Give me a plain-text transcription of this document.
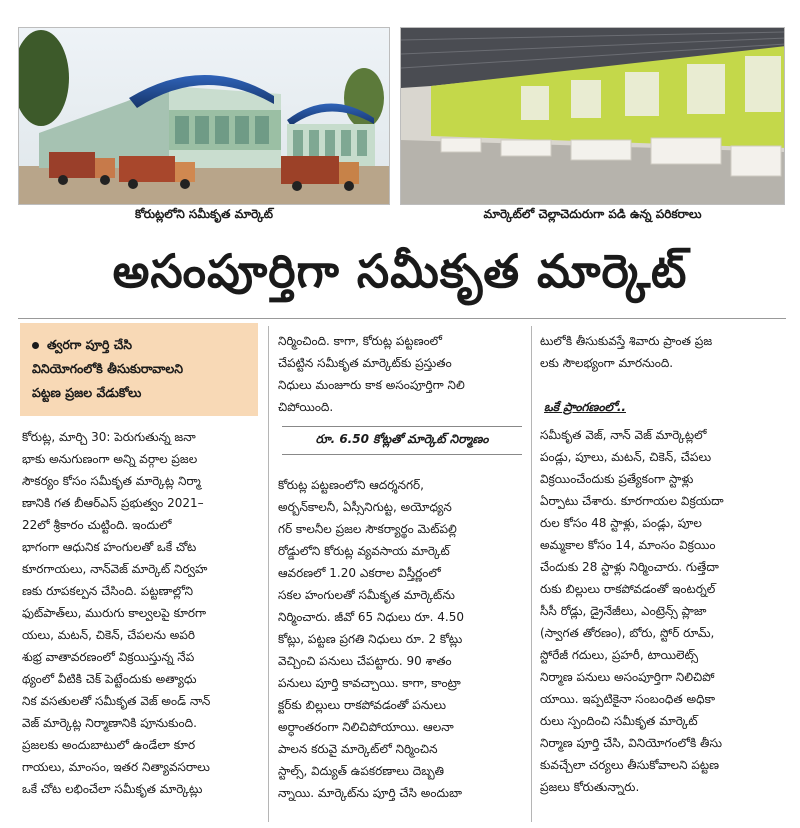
కోరుట్లలోని సమీకృత మార్కెట్	మార్కెట్‌లో చెల్లాచెదురుగా పడి ఉన్న పరికరాలు
అసంపూర్తిగా సమీకృత మార్కెట్
త్వరగా పూర్తి చేసి
వినియోగంలోకి తీసుకురావాలని
పట్టణ ప్రజల వేడుకోలు

కోరుట్ల, మార్చి 30: పెరుగుతున్న జనా

భాకు అనుగుణంగా అన్ని వర్గాల ప్రజల

సౌకర్యం కోసం సమీకృత మార్కెట్ల నిర్మా

ణానికి గత బీఆర్‌ఎస్ ప్రభుత్వం 2021–

22లో శ్రీకారం చుట్టింది. ఇందులో

భాగంగా ఆధునిక హంగులతో ఒకే చోట

కూరగాయలు, నాన్‌వెజ్ మార్కెట్ నిర్వహ

ణకు రూపకల్పన చేసింది. పట్టణాల్లోని

ఫుట్‌పాత్‌లు, మురుగు కాల్వలపై కూరగా

యలు, మటన్, చికెన్, చేపలను అపరి

శుభ్ర వాతావరణంలో విక్రయిస్తున్న నేప

థ్యంలో వీటికి చెక్ పెట్టేందుకు అత్యాధు

నిక వసతులతో సమీకృత వెజ్ అండ్ నాన్

వెజ్ మార్కెట్ల నిర్మాణానికి పూనుకుంది.

ప్రజలకు అందుబాటులో ఉండేలా కూర

గాయలు, మాంసం, ఇతర నిత్యావసరాలు

ఒకే చోట లభించేలా సమీకృత మార్కెట్లు

నిర్మించింది. కాగా, కోరుట్ల పట్టణంలో

చేపట్టిన సమీకృత మార్కెట్‌కు ప్రస్తుతం

నిధులు మంజూరు కాక అసంపూర్తిగా నిలి

చిపోయింది.

రూ. 6.50 కోట్లతో మార్కెట్ నిర్మాణం

కోరుట్ల పట్టణంలోని ఆదర్శనగర్,

అర్బన్‌కాలనీ, ఏస్సీనిగుట్ట, అయోధ్యన

గర్ కాలనీల ప్రజల సౌకర్యార్థం మెట్‌పల్లి

రోడ్డులోని కోరుట్ల వ్యవసాయ మార్కెట్

ఆవరణలో 1.20 ఎకరాల విస్తీర్ణంలో

సకల హంగులతో సమీకృత మార్కెట్‌ను

నిర్మించారు. జీవో 65 నిధులు రూ. 4.50

కోట్లు, పట్టణ ప్రగతి నిధులు రూ. 2 కోట్లు

వెచ్చించి పనులు చేపట్టారు. 90 శాతం

పనులు పూర్తి కావచ్చాయి. కాగా, కాంట్రా

క్టర్‌కు బిల్లులు రాకపోవడంతో పనులు

అర్ధాంతరంగా నిలిచిపోయాయి. ఆలనా

పాలన కరువై మార్కెట్‌లో నిర్మించిన

స్టాల్స్, విద్యుత్ ఉపకరణాలు దెబ్బతి

న్నాయి. మార్కెట్‌ను పూర్తి చేసి అందుబా

టులోకి తీసుకువస్తే శివారు ప్రాంత ప్రజ

లకు సౌలభ్యంగా మారనుంది.

ఒకే ప్రాంగణంలో..

సమీకృత వెజ్, నాన్ వెజ్ మార్కెట్లలో

పండ్లు, పూలు, మటన్, చికెన్, చేపలు

విక్రయించేందుకు ప్రత్యేకంగా స్టాళ్లు

ఏర్పాటు చేశారు. కూరగాయల విక్రయదా

రుల కోసం 48 స్టాళ్లు, పండ్లు, పూల

అమ్మకాల కోసం 14, మాంసం విక్రయిం

చేందుకు 28 స్టాళ్లు నిర్మించారు. గుత్తేదా

రుకు బిల్లులు రాకపోవడంతో ఇంటర్నల్

సీసీ రోడ్లు, డ్రైనేజీలు, ఎంట్రెన్స్ ప్లాజా

(స్వాగత తోరణం), బోరు, స్టోర్ రూమ్,

స్టోరేజీ గదులు, ప్రహరీ, టాయిలెట్స్

నిర్మాణ పనులు అసంపూర్తిగా నిలిచిపో

యాయి. ఇప్పటికైనా సంబంధిత అధికా

రులు స్పందించి సమీకృత మార్కెట్

నిర్మాణ పూర్తి చేసి, వినియోగంలోకి తీసు

కువచ్చేలా చర్యలు తీసుకోవాలని పట్టణ

ప్రజలు కోరుతున్నారు.
